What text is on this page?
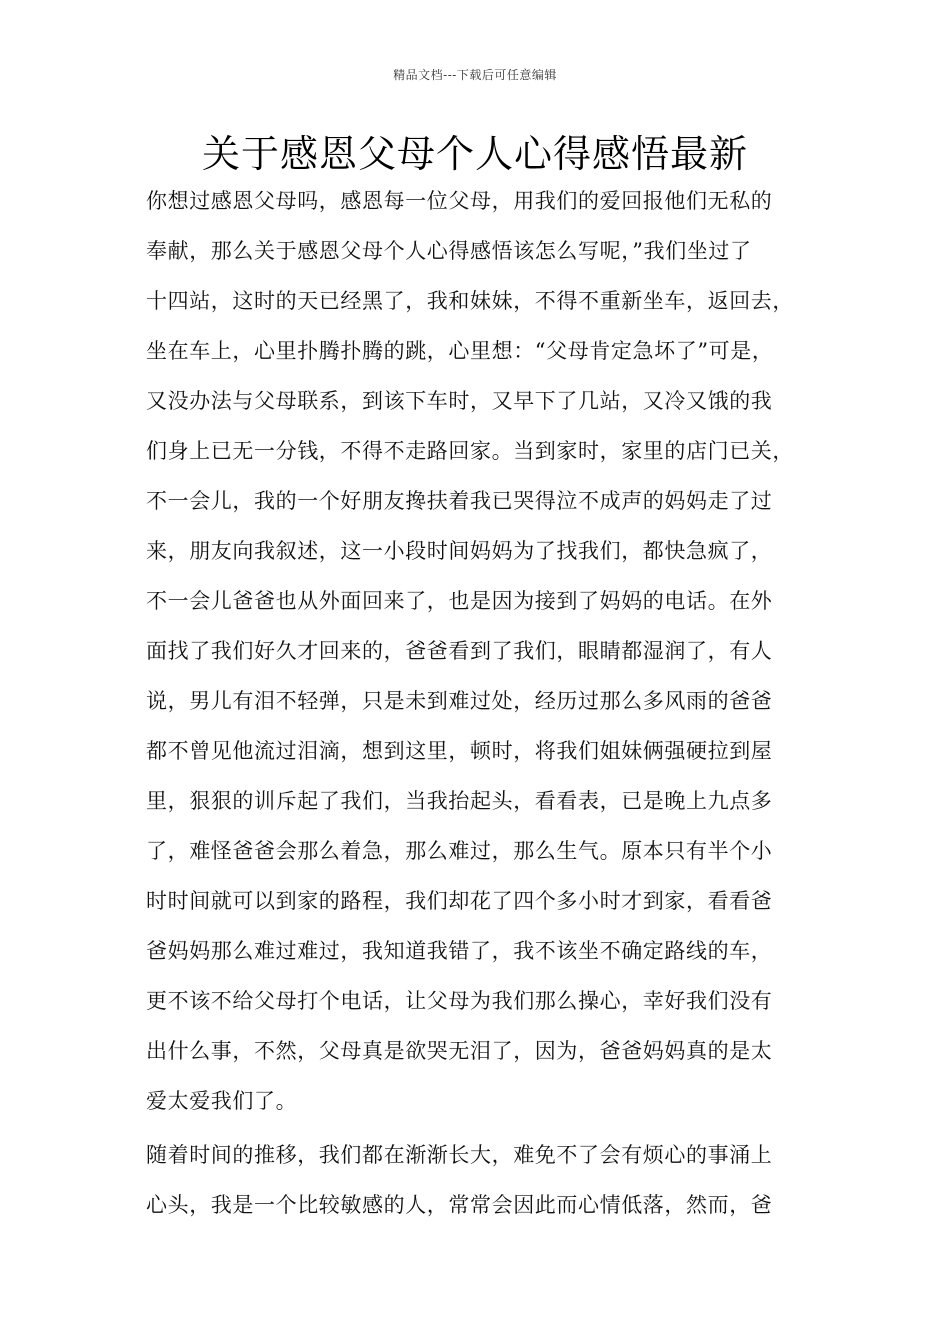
精品文档---下载后可任意编辑
关于感恩父母个人心得感悟最新
你想过感恩父母吗，感恩每一位父母，用我们的爱回报他们无私的
奉献，那么关于感恩父母个人心得感悟该怎么写呢，”我们坐过了
十四站，这时的天已经黑了，我和妹妹，不得不重新坐车，返回去，
坐在车上，心里扑腾扑腾的跳，心里想：“父母肯定急坏了”可是，
又没办法与父母联系，到该下车时，又早下了几站，又冷又饿的我
们身上已无一分钱，不得不走路回家。当到家时，家里的店门已关，
不一会儿，我的一个好朋友搀扶着我已哭得泣不成声的妈妈走了过
来，朋友向我叙述，这一小段时间妈妈为了找我们，都快急疯了，
不一会儿爸爸也从外面回来了，也是因为接到了妈妈的电话。在外
面找了我们好久才回来的，爸爸看到了我们，眼睛都湿润了，有人
说，男儿有泪不轻弹，只是未到难过处，经历过那么多风雨的爸爸
都不曾见他流过泪滴，想到这里，顿时，将我们姐妹俩强硬拉到屋
里，狠狠的训斥起了我们，当我抬起头，看看表，已是晚上九点多
了，难怪爸爸会那么着急，那么难过，那么生气。原本只有半个小
时时间就可以到家的路程，我们却花了四个多小时才到家，看看爸
爸妈妈那么难过难过，我知道我错了，我不该坐不确定路线的车，
更不该不给父母打个电话，让父母为我们那么操心，幸好我们没有
出什么事，不然，父母真是欲哭无泪了，因为，爸爸妈妈真的是太
爱太爱我们了。
随着时间的推移，我们都在渐渐长大，难免不了会有烦心的事涌上
心头，我是一个比较敏感的人，常常会因此而心情低落，然而，爸
